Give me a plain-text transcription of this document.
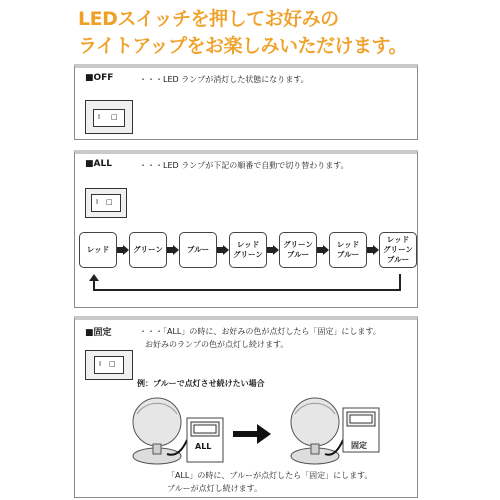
LEDスイッチを押してお好みの
ライトアップをお楽しみいただけます。
■OFF	・・・LED ランプが消灯した状態になります。
I □
■ALL	・・・LED ランプが下記の順番で自動で切り替わります。
I □
レッド	グリーン	ブルー
レッド
グリーン
グリーン
ブルー
レッド
ブルー
レッド
グリーン
ブルー
■固定	・・・「ALL」の時に、お好みの色が点灯したら「固定」にします。
お好みのランプの色が点灯し続けます。
I □
例：ブルーで点灯させ続けたい場合
ALL	固定
「ALL」の時に、ブルーが点灯したら「固定」にします。
ブルーが点灯し続けます。
